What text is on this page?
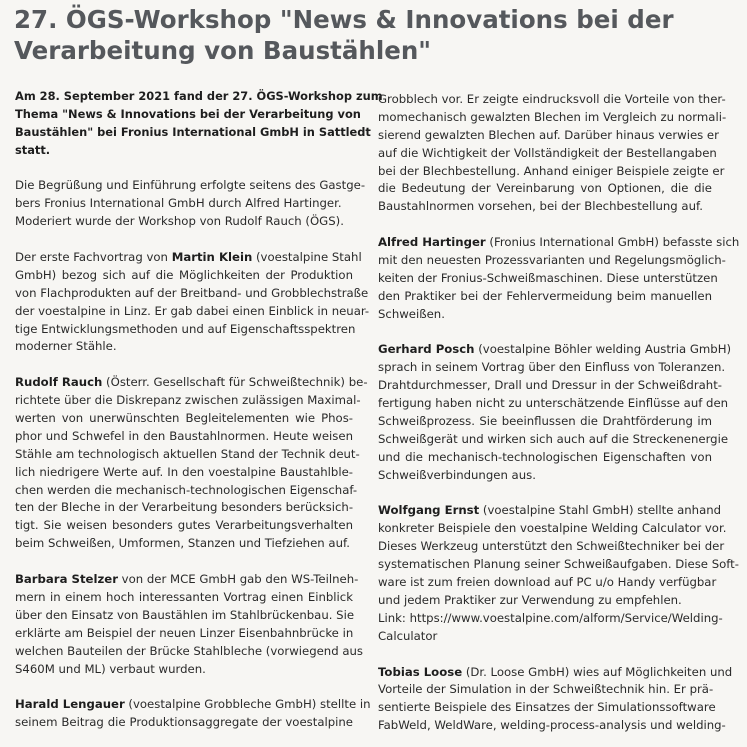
27. ÖGS-Workshop "News & Innovations bei der
Verarbeitung von Baustählen"
Am 28. September 2021 fand der 27. ÖGS-Workshop zum
Thema "News & Innovations bei der Verarbeitung von
Baustählen" bei Fronius International GmbH in Sattledt
statt.
Die Begrüßung und Einführung erfolgte seitens des Gastge-
bers Fronius International GmbH durch Alfred Hartinger.
Moderiert wurde der Workshop von Rudolf Rauch (ÖGS).
Der erste Fachvortrag von Martin Klein (voestalpine Stahl
GmbH) bezog sich auf die Möglichkeiten der Produktion
von Flachprodukten auf der Breitband- und Grobblechstraße
der voestalpine in Linz. Er gab dabei einen Einblick in neuar-
tige Entwicklungsmethoden und auf Eigenschaftsspektren
moderner Stähle.
Rudolf Rauch (Österr. Gesellschaft für Schweißtechnik) be-
richtete über die Diskrepanz zwischen zulässigen Maximal-
werten von unerwünschten Begleitelementen wie Phos-
phor und Schwefel in den Baustahlnormen. Heute weisen
Stähle am technologisch aktuellen Stand der Technik deut-
lich niedrigere Werte auf. In den voestalpine Baustahlble-
chen werden die mechanisch-technologischen Eigenschaf-
ten der Bleche in der Verarbeitung besonders berücksich-
tigt. Sie weisen besonders gutes Verarbeitungsverhalten
beim Schweißen, Umformen, Stanzen und Tiefziehen auf.
Barbara Stelzer von der MCE GmbH gab den WS-Teilneh-
mern in einem hoch interessanten Vortrag einen Einblick
über den Einsatz von Baustählen im Stahlbrückenbau. Sie
erklärte am Beispiel der neuen Linzer Eisenbahnbrücke in
welchen Bauteilen der Brücke Stahlbleche (vorwiegend aus
S460M und ML) verbaut wurden.
Harald Lengauer (voestalpine Grobbleche GmbH) stellte in
seinem Beitrag die Produktionsaggregate der voestalpine
Grobblech vor. Er zeigte eindrucksvoll die Vorteile von ther-
momechanisch gewalzten Blechen im Vergleich zu normali-
sierend gewalzten Blechen auf. Darüber hinaus verwies er
auf die Wichtigkeit der Vollständigkeit der Bestellangaben
bei der Blechbestellung. Anhand einiger Beispiele zeigte er
die Bedeutung der Vereinbarung von Optionen, die die
Baustahlnormen vorsehen, bei der Blechbestellung auf.
Alfred Hartinger (Fronius International GmbH) befasste sich
mit den neuesten Prozessvarianten und Regelungsmöglich-
keiten der Fronius-Schweißmaschinen. Diese unterstützen
den Praktiker bei der Fehlervermeidung beim manuellen
Schweißen.
Gerhard Posch (voestalpine Böhler welding Austria GmbH)
sprach in seinem Vortrag über den Einfluss von Toleranzen.
Drahtdurchmesser, Drall und Dressur in der Schweißdraht-
fertigung haben nicht zu unterschätzende Einflüsse auf den
Schweißprozess. Sie beeinflussen die Drahtförderung im
Schweißgerät und wirken sich auch auf die Streckenenergie
und die mechanisch-technologischen Eigenschaften von
Schweißverbindungen aus.
Wolfgang Ernst (voestalpine Stahl GmbH) stellte anhand
konkreter Beispiele den voestalpine Welding Calculator vor.
Dieses Werkzeug unterstützt den Schweißtechniker bei der
systematischen Planung seiner Schweißaufgaben. Diese Soft-
ware ist zum freien download auf PC u/o Handy verfügbar
und jedem Praktiker zur Verwendung zu empfehlen.
Link: https://www.voestalpine.com/alform/Service/Welding-
Calculator
Tobias Loose (Dr. Loose GmbH) wies auf Möglichkeiten und
Vorteile der Simulation in der Schweißtechnik hin. Er prä-
sentierte Beispiele des Einsatzes der Simulationssoftware
FabWeld, WeldWare, welding-process-analysis und welding-
